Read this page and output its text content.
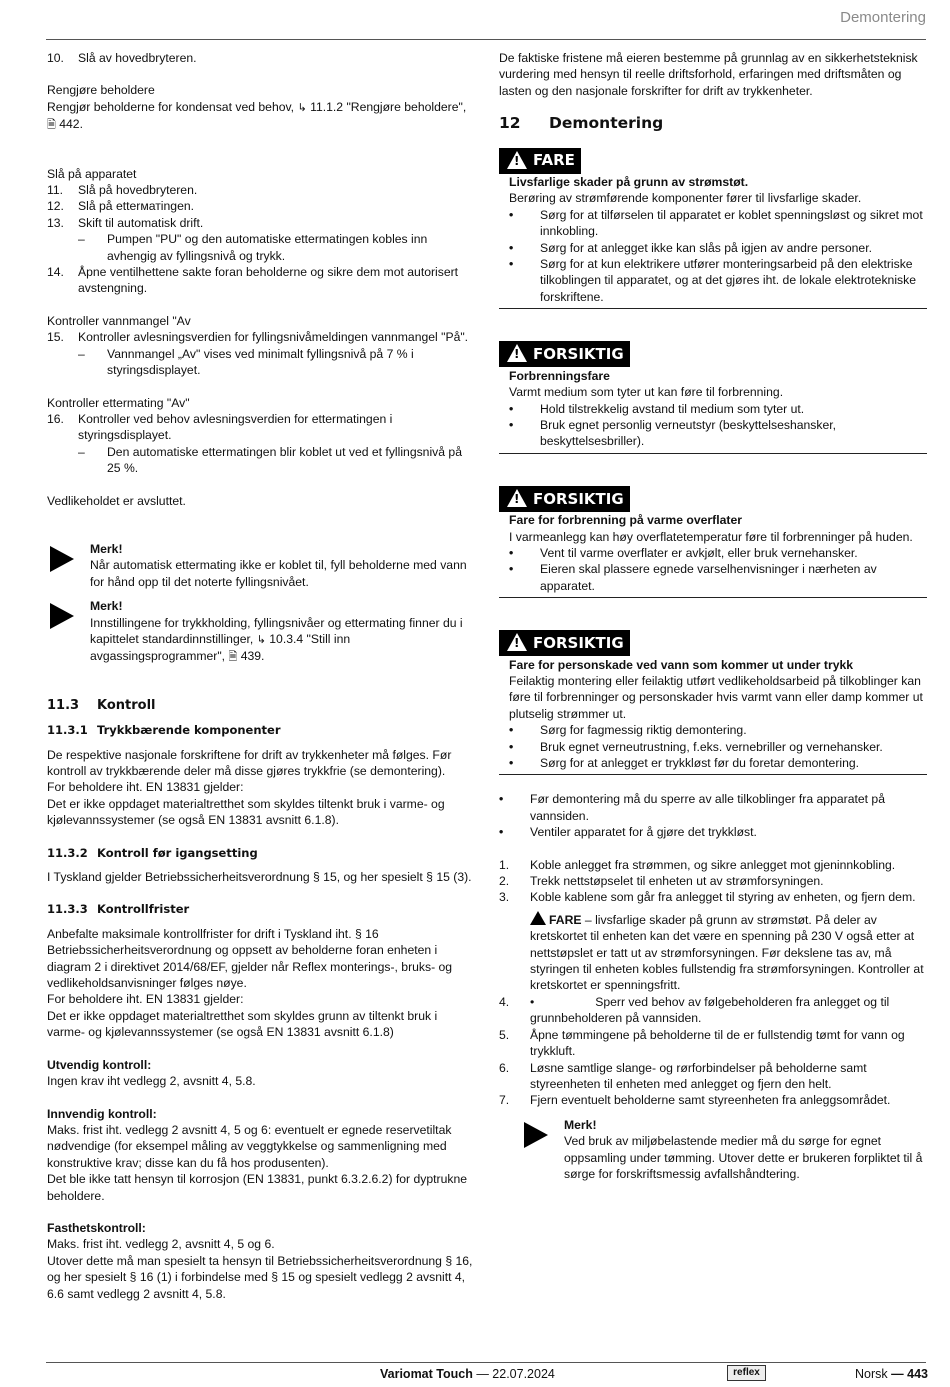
Demontering
10. Slå av hovedbryteren.
Rengjøre beholdere
Rengjør beholderne for kondensat ved behov, ↳ 11.1.2 "Rengjøre beholdere",
🗎 442.
Slå på apparatet
11. Slå på hovedbryteren.
12. Slå på etterматingen.
13. Skift til automatisk drift.
– Pumpen "PU" og den automatiske ettermatingen kobles inn avhengig av fyllingsnivå og trykk.
14. Åpne ventilhettene sakte foran beholderne og sikre dem mot autorisert avstengning.
Kontroller vannmangel "Av
15. Kontroller avlesningsverdien for fyllingsnivåmeldingen vannmangel "På".
– Vannmangel „Av" vises ved minimalt fyllingsnivå på 7 % i styringsdisplayet.
Kontroller ettermating "Av"
16. Kontroller ved behov avlesningsverdien for ettermatingen i styringsdisplayet.
– Den automatiske ettermatingen blir koblet ut ved et fyllingsnivå på 25 %.
Vedlikeholdet er avsluttet.
Merk!
Når automatisk ettermating ikke er koblet til, fyll beholderne med vann for hånd opp til det noterte fyllingsnivået.
Merk!
Innstillingene for trykkholding, fyllingsnivåer og ettermating finner du i kapittelet standardinnstillinger, ↳ 10.3.4 "Still inn avgassingsprogrammer", 🗎 439.
11.3 Kontroll
11.3.1 Trykkbærende komponenter
De respektive nasjonale forskriftene for drift av trykkenheter må følges. Før kontroll av trykkbærende deler må disse gjøres trykkfrie (se demontering).
For beholdere iht. EN 13831 gjelder:
Det er ikke oppdaget materialtretthet som skyldes tiltenkt bruk i varme- og kjølevannssystemer (se også EN 13831 avsnitt 6.1.8).
11.3.2 Kontroll før igangsetting
I Tyskland gjelder Betriebssicherheitsverordnung § 15, og her spesielt § 15 (3).
11.3.3 Kontrollfrister
Anbefalte maksimale kontrollfrister for drift i Tyskland iht. § 16 Betriebssicherheitsverordnung og oppsett av beholderne foran enheten i diagram 2 i direktivet 2014/68/EF, gjelder når Reflex monterings-, bruks- og vedlikeholdsanvisninger følges nøye.
For beholdere iht. EN 13831 gjelder:
Det er ikke oppdaget materialtretthet som skyldes grunn av tiltenkt bruk i varme- og kjølevannssystemer (se også EN 13831 avsnitt 6.1.8)
Utvendig kontroll:
Ingen krav iht vedlegg 2, avsnitt 4, 5.8.
Innvendig kontroll:
Maks. frist iht. vedlegg 2 avsnitt 4, 5 og 6: eventuelt er egnede reservetiltak nødvendige (for eksempel måling av veggtykkelse og sammenligning med konstruktive krav; disse kan du få hos produsenten).
Det ble ikke tatt hensyn til korrosjon (EN 13831, punkt 6.3.2.6.2) for dyptrukne beholdere.
Fasthetskontroll:
Maks. frist iht. vedlegg 2, avsnitt 4, 5 og 6.
Utover dette må man spesielt ta hensyn til Betriebssicherheitsverordnung § 16, og her spesielt § 16 (1) i forbindelse med § 15 og spesielt vedlegg 2 avsnitt 4, 6.6 samt vedlegg 2 avsnitt 4, 5.8.
De faktiske fristene må eieren bestemme på grunnlag av en sikkerhetsteknisk vurdering med hensyn til reelle driftsforhold, erfaringen med driftsmåten og lasten og den nasjonale forskrifter for drift av trykkenheter.
12 Demontering
!
FARE
Livsfarlige skader på grunn av strømstøt.
Berøring av strømførende komponenter fører til livsfarlige skader.
• Sørg for at tilførselen til apparatet er koblet spenningsløst og sikret mot innkobling.
• Sørg for at anlegget ikke kan slås på igjen av andre personer.
• Sørg for at kun elektrikere utfører monteringsarbeid på den elektriske tilkoblingen til apparatet, og at det gjøres iht. de lokale elektrotekniske forskriftene.
!
FORSIKTIG
Forbrenningsfare
Varmt medium som tyter ut kan føre til forbrenning.
• Hold tilstrekkelig avstand til medium som tyter ut.
• Bruk egnet personlig verneutstyr (beskyttelseshansker, beskyttelsesbriller).
!
FORSIKTIG
Fare for forbrenning på varme overflater
I varmeanlegg kan høy overflatetemperatur føre til forbrenninger på huden.
• Vent til varme overflater er avkjølt, eller bruk vernehansker.
• Eieren skal plassere egnede varselhenvisninger i nærheten av apparatet.
!
FORSIKTIG
Fare for personskade ved vann som kommer ut under trykk
Feilaktig montering eller feilaktig utført vedlikeholdsarbeid på tilkoblinger kan føre til forbrenninger og personskader hvis varmt vann eller damp kommer ut plutselig strømmer ut.
• Sørg for fagmessig riktig demontering.
• Bruk egnet verneutrustning, f.eks. vernebriller og vernehansker.
• Sørg for at anlegget er trykkløst før du foretar demontering.
• Før demontering må du sperre av alle tilkoblinger fra apparatet på vannsiden.
• Ventiler apparatet for å gjøre det trykkløst.
1. Koble anlegget fra strømmen, og sikre anlegget mot gjeninnkobling.
2. Trekk nettstøpselet til enheten ut av strømforsyningen.
3. Koble kablene som går fra anlegget til styring av enheten, og fjern dem.
FARE – livsfarlige skader på grunn av strømstøt. På deler av kretskortet til enheten kan det være en spenning på 230 V også etter at nettstøpslet er tatt ut av strømforsyningen. Før dekslene tas av, må styringen til enheten kobles fullstendig fra strømforsyningen. Kontroller at kretskortet er spenningsfritt.
4. •                  Sperr ved behov av følgebeholderen fra anlegget og til grunnbeholderen på vannsiden.
5. Åpne tømmingene på beholderne til de er fullstendig tømt for vann og trykkluft.
6. Løsne samtlige slange- og rørforbindelser på beholderne samt styreenheten til enheten med anlegget og fjern den helt.
7. Fjern eventuelt beholderne samt styreenheten fra anleggsområdet.
Merk!
Ved bruk av miljøbelastende medier må du sørge for egnet oppsamling under tømming. Utover dette er brukeren forpliktet til å sørge for forskriftsmessig avfallshåndtering.
Variomat Touch — 22.07.2024	reflex	Norsk — 443
